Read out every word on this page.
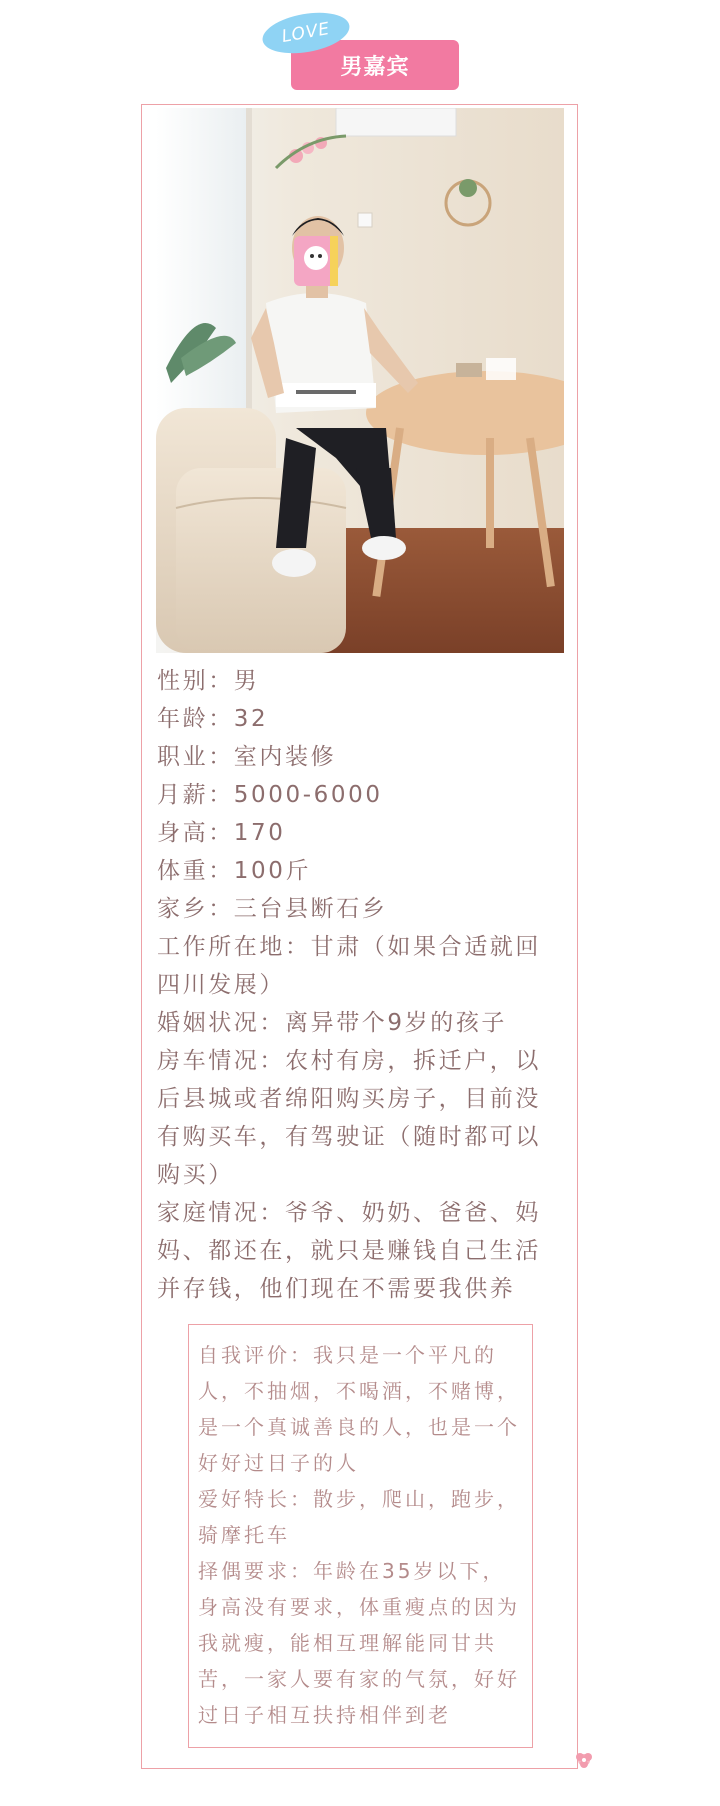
LOVE
男嘉宾
性别：男
年龄：32
职业：室内装修
月薪：5000-6000
身高：170
体重：100斤
家乡：三台县断石乡
工作所在地：甘肃（如果合适就回四川发展）
婚姻状况：离异带个9岁的孩子
房车情况：农村有房，拆迁户，以后县城或者绵阳购买房子，目前没有购买车，有驾驶证（随时都可以购买）
家庭情况：爷爷、奶奶、爸爸、妈妈、都还在，就只是赚钱自己生活并存钱，他们现在不需要我供养
自我评价：我只是一个平凡的人，不抽烟，不喝酒，不赌博，是一个真诚善良的人，也是一个好好过日子的人
爱好特长：散步，爬山，跑步，骑摩托车
择偶要求：年龄在35岁以下，身高没有要求，体重瘦点的因为我就瘦，能相互理解能同甘共苦，一家人要有家的气氛，好好过日子相互扶持相伴到老
